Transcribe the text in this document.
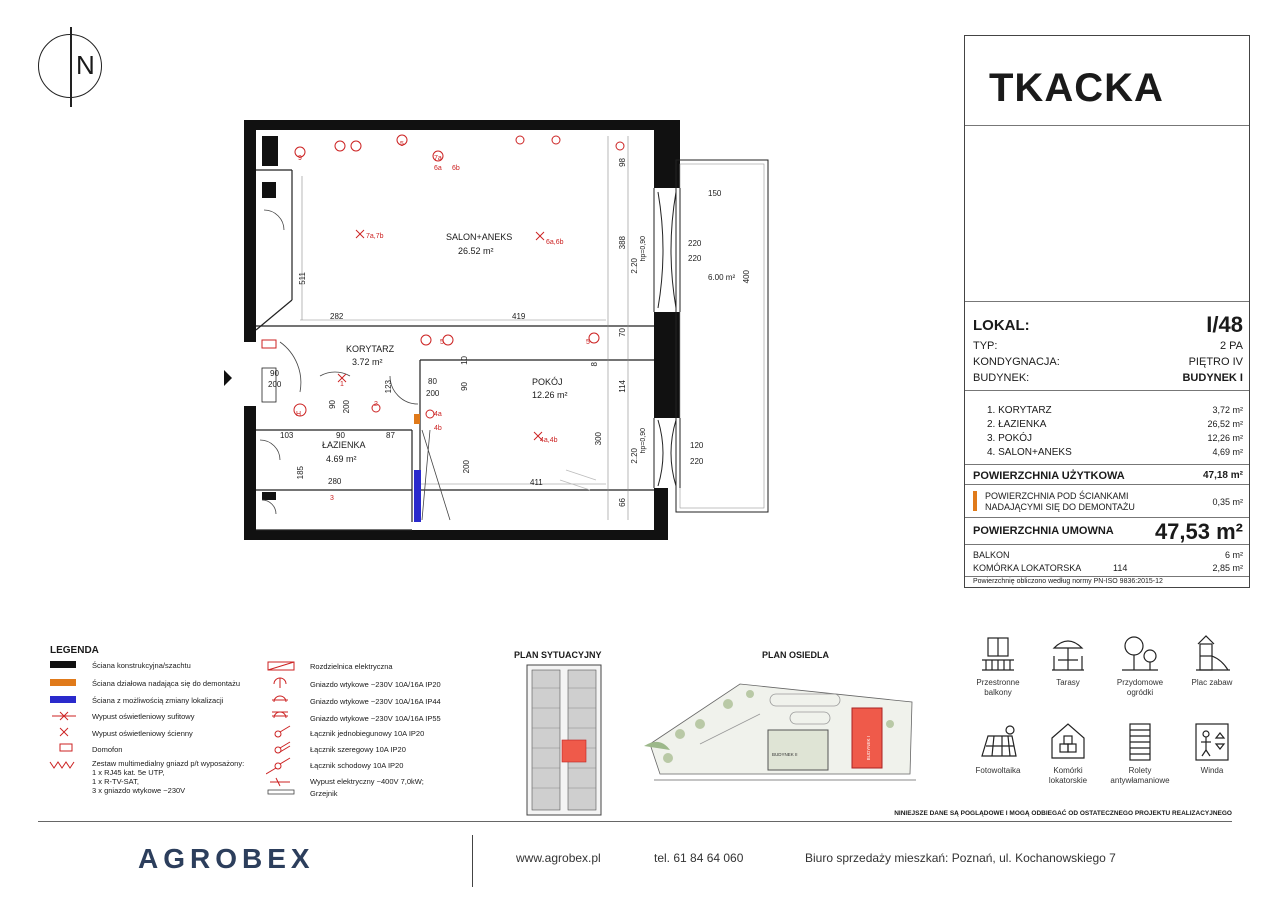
N
7a,7b
6a,6b
4a,4b
1
2
4a
4b
5	5
5
7a
6a 6b
9
3
H
SALON+ANEKS
26.52 m²
KORYTARZ
3.72 m²
POKÓJ
12.26 m²
ŁAZIENKA
4.69 m²
6.00 m²
282	419
511
388
98
150
220
220
400
70
114
300
120
220
66
411
200
80
200
90
123
90
200
103	90	87
185
280
90 200
2.20
2.20
10	8
hp=0,90
hp=0,90
TKACKA
LOKAL:	I/48
TYP:	2 PA
KONDYGNACJA:	PIĘTRO IV
BUDYNEK:	BUDYNEK I
1. KORYTARZ	3,72 m²
2. ŁAZIENKA	26,52 m²
3. POKÓJ	12,26 m²
4. SALON+ANEKS	4,69 m²
POWIERZCHNIA UŻYTKOWA	47,18 m²
POWIERZCHNIA POD ŚCIANKAMI
NADAJĄCYMI SIĘ DO DEMONTAŻU	0,35 m²
POWIERZCHNIA UMOWNA 47,53 m²
BALKON	6 m²
KOMÓRKA LOKATORSKA	114	2,85 m²
Powierzchnię obliczono według normy PN-ISO 9836:2015-12
LEGENDA
Ściana konstrukcyjna/szachtu
Ściana działowa nadająca się do demontażu
Ściana z możliwością zmiany lokalizacji
Wypust oświetleniowy sufitowy
Wypust oświetleniowy ścienny
Domofon
Zestaw multimedialny gniazd p/t wyposażony:
1 x RJ45 kat. 5e UTP,
1 x R-TV-SAT,
3 x gniazdo wtykowe ~230V
Rozdzielnica elektryczna
Gniazdo wtykowe ~230V 10A/16A IP20
Gniazdo wtykowe ~230V 10A/16A IP44
Gniazdo wtykowe ~230V 10A/16A IP55
Łącznik jednobiegunowy 10A IP20
Łącznik szeregowy 10A IP20
Łącznik schodowy 10A IP20
Wypust elektryczny ~400V 7,0kW;
Grzejnik
PLAN SYTUACYJNY	PLAN OSIEDLA
BUDYNEK II	BUDYNEK I
Przestronne
balkony
Tarasy	Przydomowe
ogródki
Plac zabaw
Fotowoltaika	Komórki
lokatorskie
Rolety
antywłamaniowe
Winda
NINIEJSZE DANE SĄ POGLĄDOWE I MOGĄ ODBIEGAĆ OD OSTATECZNEGO PROJEKTU REALIZACYJNEGO
AGROBEX	www.agrobex.pl	tel. 61 84 64 060	Biuro sprzedaży mieszkań: Poznań, ul. Kochanowskiego 7
